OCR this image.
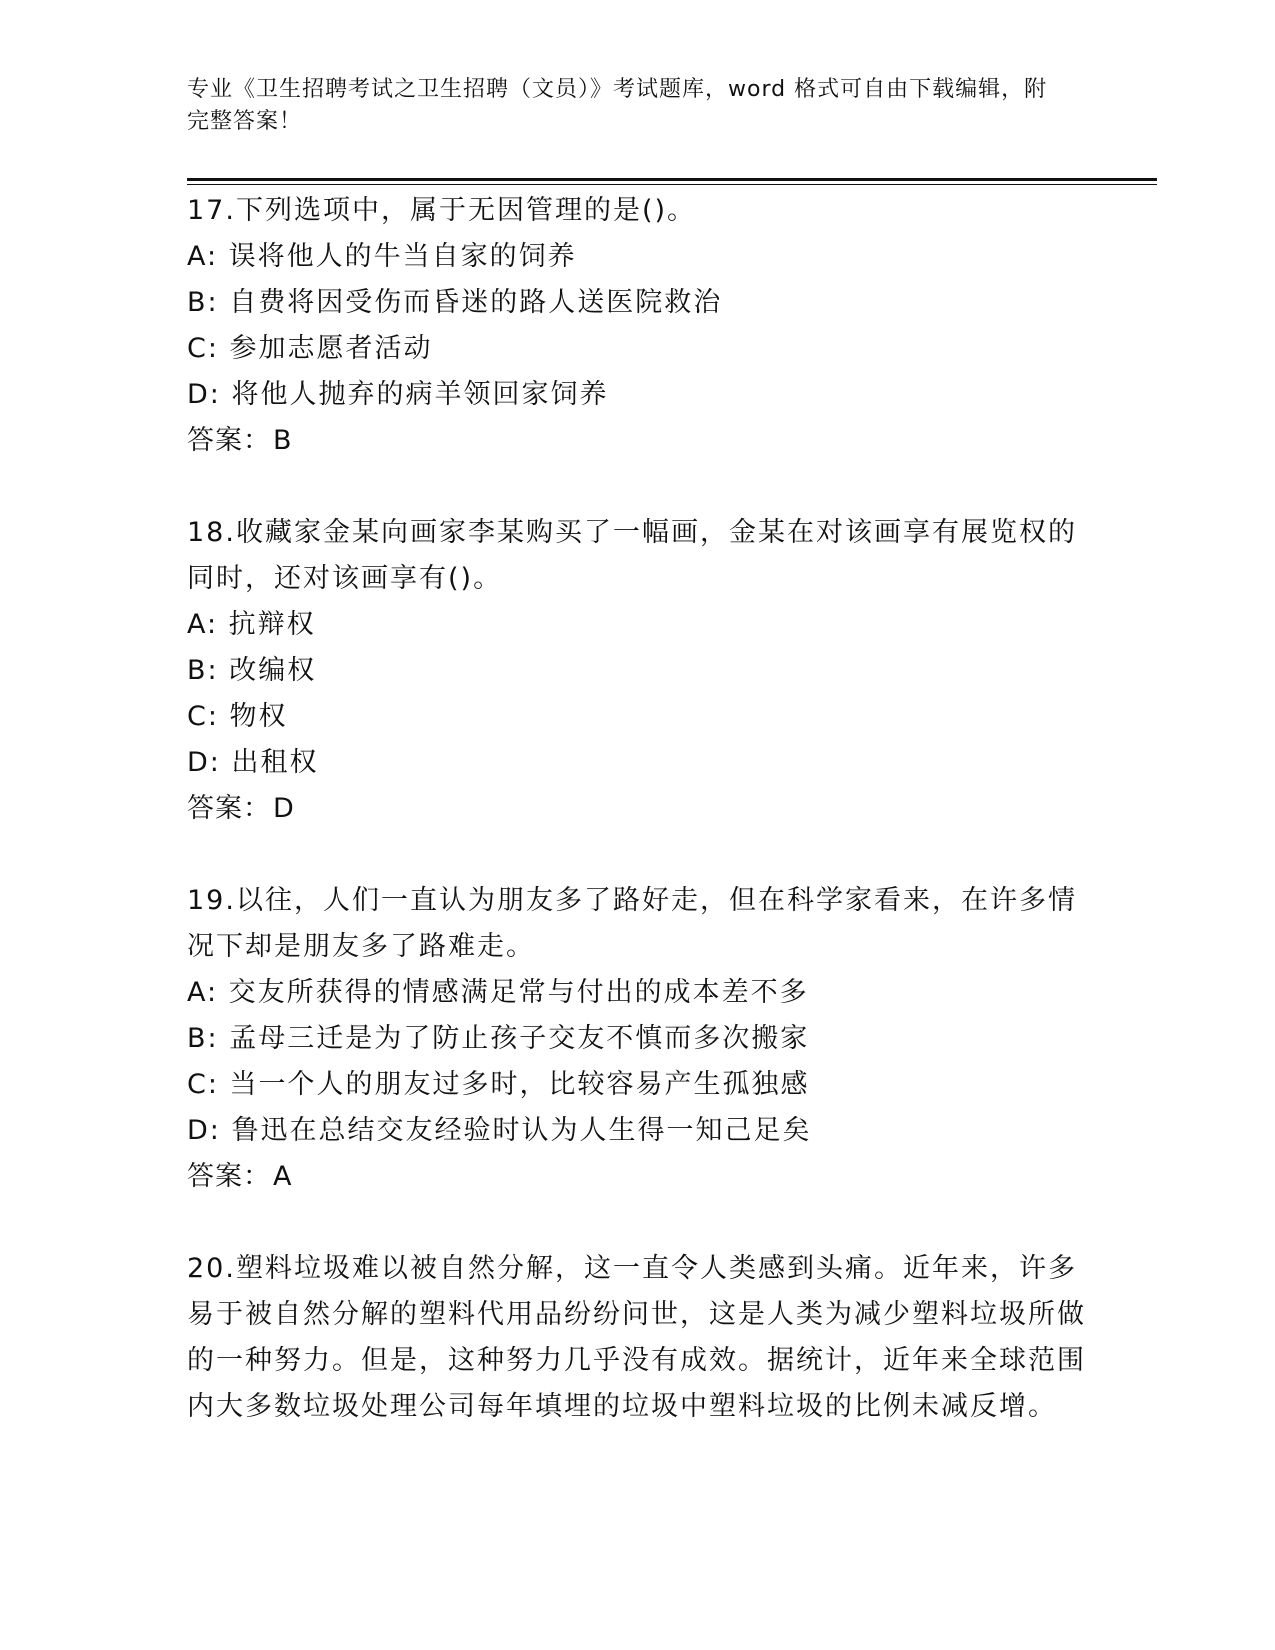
专业《卫生招聘考试之卫生招聘（文员）》考试题库，word 格式可自由下载编辑，附完整答案！

17.下列选项中，属于无因管理的是()。

A: 误将他人的牛当自家的饲养

B: 自费将因受伤而昏迷的路人送医院救治

C: 参加志愿者活动

D: 将他人抛弃的病羊领回家饲养

答案：B

18.收藏家金某向画家李某购买了一幅画，金某在对该画享有展览权的同时，还对该画享有()。

A: 抗辩权

B: 改编权

C: 物权

D: 出租权

答案：D

19.以往，人们一直认为朋友多了路好走，但在科学家看来，在许多情况下却是朋友多了路难走。

A: 交友所获得的情感满足常与付出的成本差不多

B: 孟母三迁是为了防止孩子交友不慎而多次搬家

C: 当一个人的朋友过多时，比较容易产生孤独感

D: 鲁迅在总结交友经验时认为人生得一知己足矣

答案：A

20.塑料垃圾难以被自然分解，这一直令人类感到头痛。近年来，许多易于被自然分解的塑料代用品纷纷问世，这是人类为减少塑料垃圾所做的一种努力。但是，这种努力几乎没有成效。据统计，近年来全球范围内大多数垃圾处理公司每年填埋的垃圾中塑料垃圾的比例未减反增。
